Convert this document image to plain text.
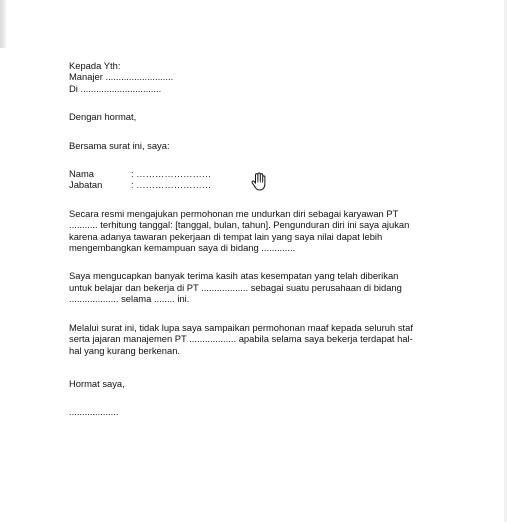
Kepada Yth:
Manajer ..........................
Di ...............................
Dengan hormat,
Bersama surat ini, saya:
Nama	: ……………………
Jabatan	: ……………………
Secara resmi mengajukan permohonan me undurkan diri sebagai karyawan PT
........... terhitung tanggal: [tanggal, bulan, tahun]. Pengunduran diri ini saya ajukan
karena adanya tawaran pekerjaan di tempat lain yang saya nilai dapat lebih
mengembangkan kemampuan saya di bidang .............
Saya mengucapkan banyak terima kasih atas kesempatan yang telah diberikan
untuk belajar dan bekerja di PT .................. sebagai suatu perusahaan di bidang
................... selama ........ ini.
Melalui surat ini, tidak lupa saya sampaikan permohonan maaf kepada seluruh staf
serta jajaran manajemen PT .................. apabila selama saya bekerja terdapat hal-
hal yang kurang berkenan.
Hormat saya,
...................
